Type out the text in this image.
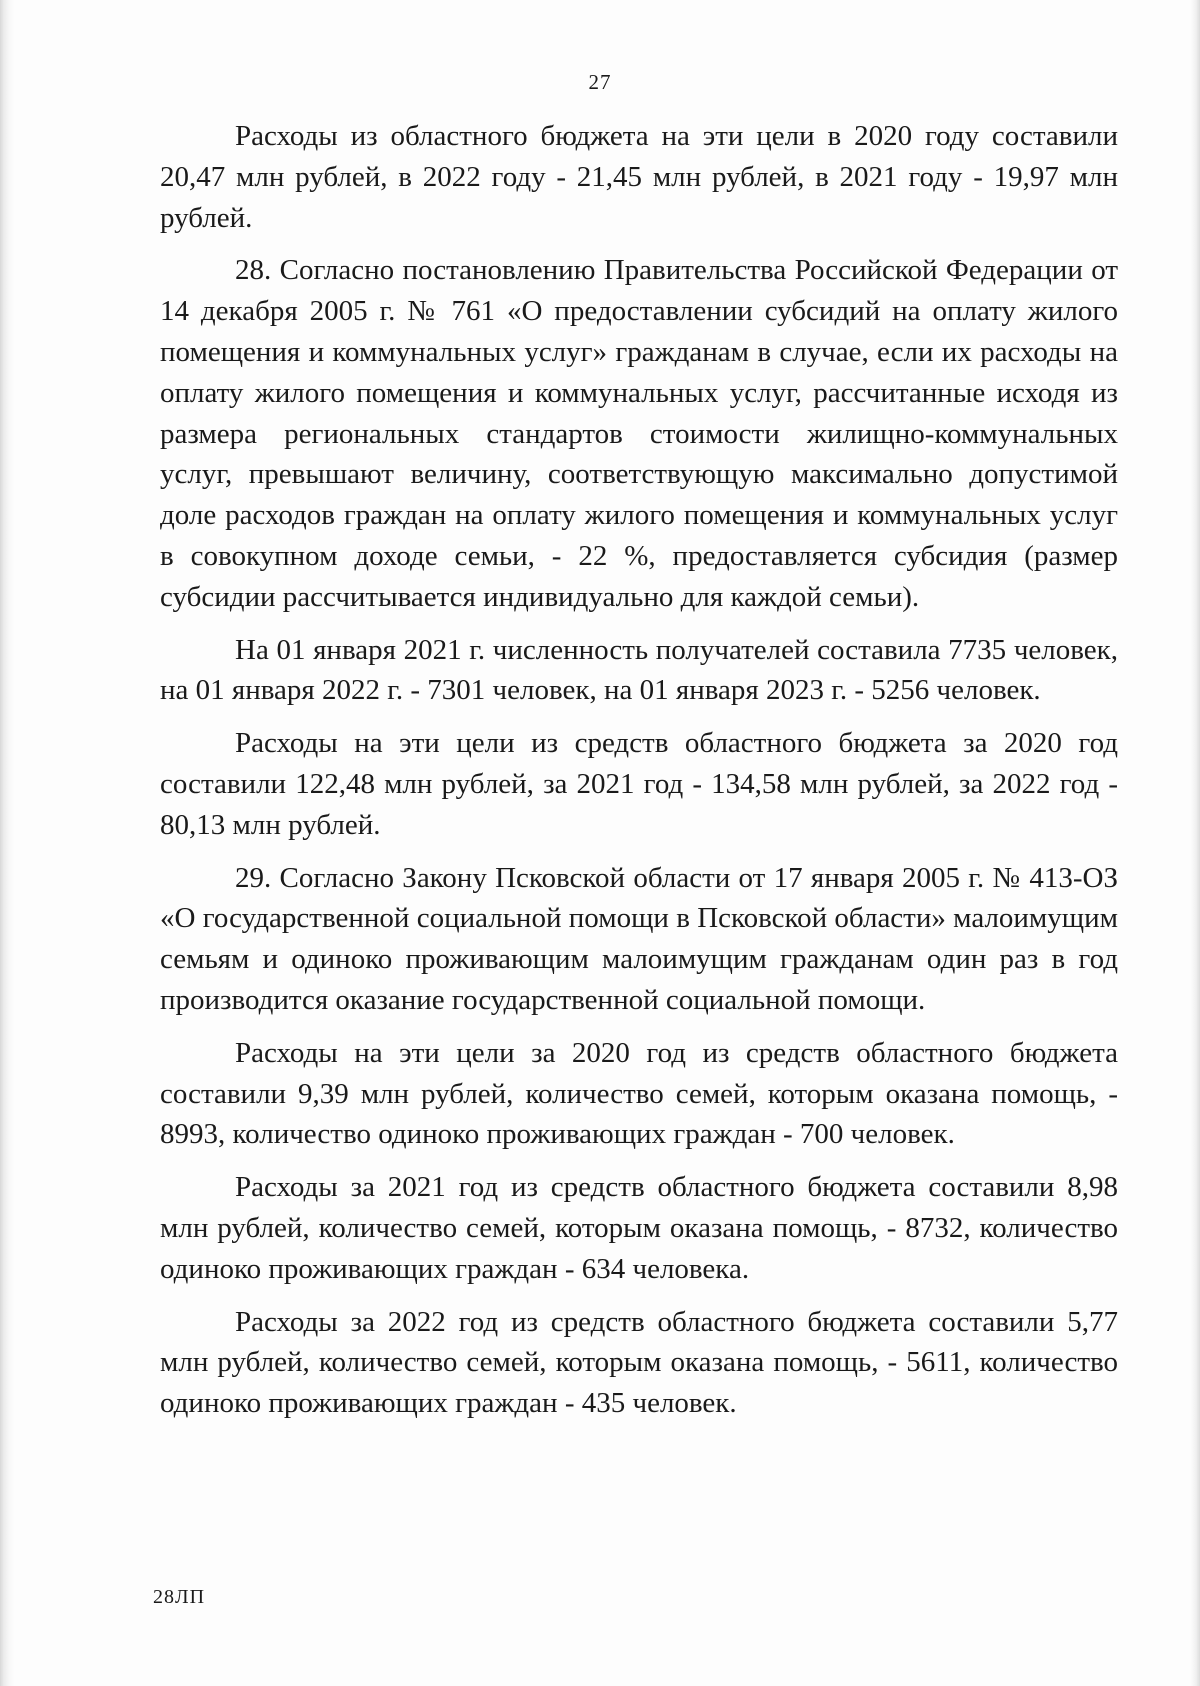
27

Расходы из областного бюджета на эти цели в 2020 году составили 20,47 млн рублей, в 2022 году - 21,45 млн рублей, в 2021 году - 19,97 млн рублей.

28. Согласно постановлению Правительства Российской Федерации от 14 декабря 2005 г. № 761 «О предоставлении субсидий на оплату жилого помещения и коммунальных услуг» гражданам в случае, если их расходы на оплату жилого помещения и коммунальных услуг, рассчитанные исходя из размера региональных стандартов стоимости жилищно-коммунальных услуг, превышают величину, соответствующую максимально допустимой доле расходов граждан на оплату жилого помещения и коммунальных услуг в совокупном доходе семьи, - 22 %, предоставляется субсидия (размер субсидии рассчитывается индивидуально для каждой семьи).

На 01 января 2021 г. численность получателей составила 7735 человек, на 01 января 2022 г. - 7301 человек, на 01 января 2023 г. - 5256 человек.

Расходы на эти цели из средств областного бюджета за 2020 год составили 122,48 млн рублей, за 2021 год - 134,58 млн рублей, за 2022 год - 80,13 млн рублей.

29. Согласно Закону Псковской области от 17 января 2005 г. № 413-ОЗ «О государственной социальной помощи в Псковской области» малоимущим семьям и одиноко проживающим малоимущим гражданам один раз в год производится оказание государственной социальной помощи.

Расходы на эти цели за 2020 год из средств областного бюджета составили 9,39 млн рублей, количество семей, которым оказана помощь, - 8993, количество одиноко проживающих граждан - 700 человек.

Расходы за 2021 год из средств областного бюджета составили 8,98 млн рублей, количество семей, которым оказана помощь, - 8732, количество одиноко проживающих граждан - 634 человека.

Расходы за 2022 год из средств областного бюджета составили 5,77 млн рублей, количество семей, которым оказана помощь, - 5611, количество одиноко проживающих граждан - 435 человек.

28ЛП
